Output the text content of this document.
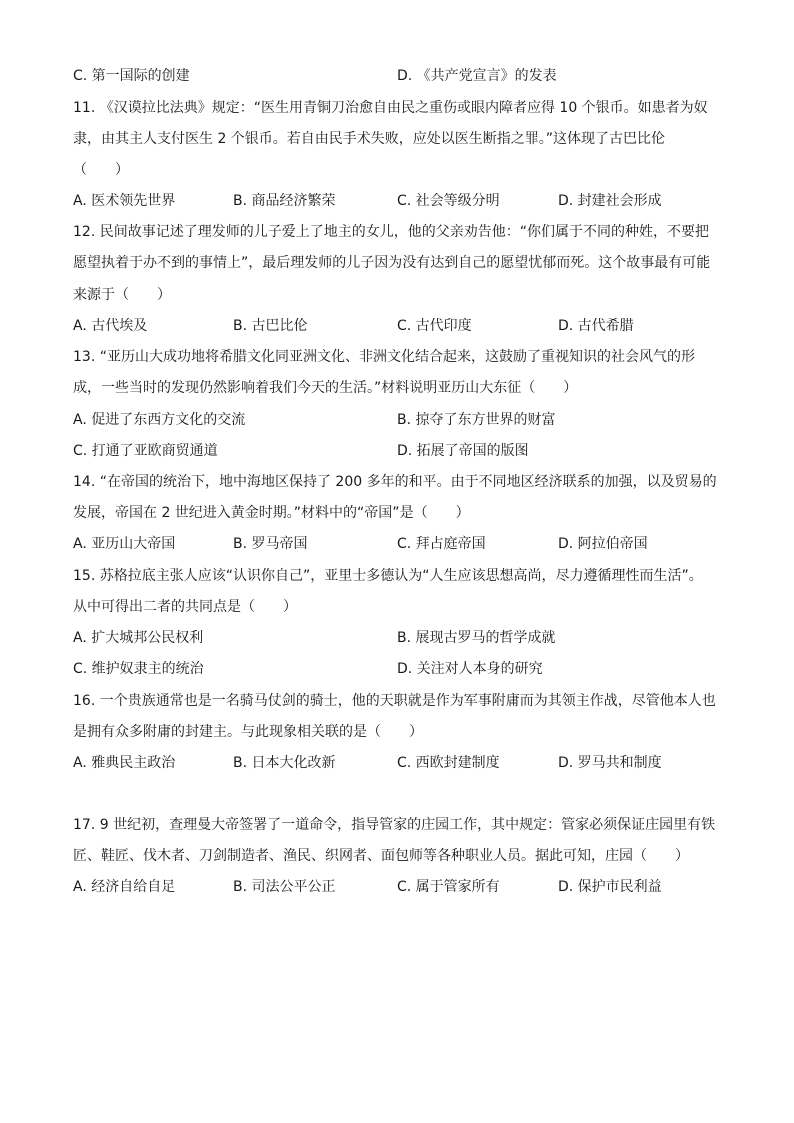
C. 第一国际的创建	D. 《共产党宣言》的发表
11. 《汉谟拉比法典》规定：“医生用青铜刀治愈自由民之重伤或眼内障者应得 10 个银币。如患者为奴
隶，由其主人支付医生 2 个银币。若自由民手术失败，应处以医生断指之罪。”这体现了古巴比伦
（　　）
A. 医术领先世界	B. 商品经济繁荣	C. 社会等级分明	D. 封建社会形成
12. 民间故事记述了理发师的儿子爱上了地主的女儿，他的父亲劝告他：“你们属于不同的种姓，不要把
愿望执着于办不到的事情上”，最后理发师的儿子因为没有达到自己的愿望忧郁而死。这个故事最有可能
来源于（　　）
A. 古代埃及	B. 古巴比伦	C. 古代印度	D. 古代希腊
13. “亚历山大成功地将希腊文化同亚洲文化、非洲文化结合起来，这鼓励了重视知识的社会风气的形
成，一些当时的发现仍然影响着我们今天的生活。”材料说明亚历山大东征（　　）
A. 促进了东西方文化的交流	B. 掠夺了东方世界的财富
C. 打通了亚欧商贸通道	D. 拓展了帝国的版图
14. “在帝国的统治下，地中海地区保持了 200 多年的和平。由于不同地区经济联系的加强，以及贸易的
发展，帝国在 2 世纪进入黄金时期。”材料中的“帝国”是（　　）
A. 亚历山大帝国	B. 罗马帝国	C. 拜占庭帝国	D. 阿拉伯帝国
15. 苏格拉底主张人应该“认识你自己”，亚里士多德认为“人生应该思想高尚，尽力遵循理性而生活”。
从中可得出二者的共同点是（　　）
A. 扩大城邦公民权利	B. 展现古罗马的哲学成就
C. 维护奴隶主的统治	D. 关注对人本身的研究
16. 一个贵族通常也是一名骑马仗剑的骑士，他的天职就是作为军事附庸而为其领主作战，尽管他本人也
是拥有众多附庸的封建主。与此现象相关联的是（　　）
A. 雅典民主政治	B. 日本大化改新	C. 西欧封建制度	D. 罗马共和制度
17. 9 世纪初，查理曼大帝签署了一道命令，指导管家的庄园工作，其中规定：管家必须保证庄园里有铁
匠、鞋匠、伐木者、刀剑制造者、渔民、织网者、面包师等各种职业人员。据此可知，庄园（　　）
A. 经济自给自足	B. 司法公平公正	C. 属于管家所有	D. 保护市民利益
